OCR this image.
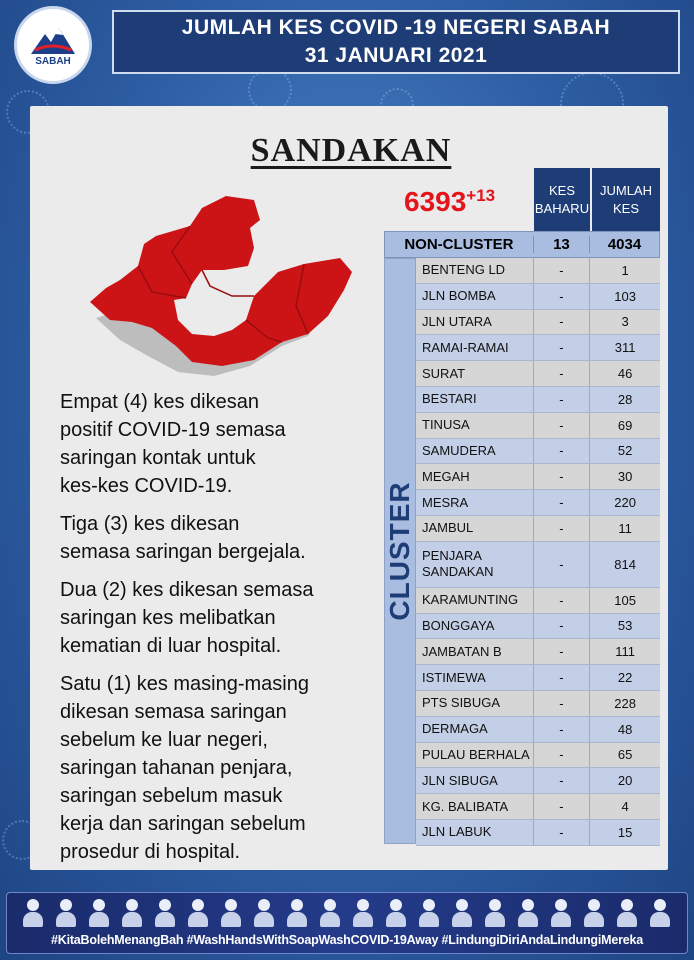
SABAH
JUMLAH KES COVID -19 NEGERI SABAH
31 JANUARI 2021
SANDAKAN
Empat (4) kes dikesan
positif COVID-19 semasa
saringan kontak untuk
kes-kes COVID-19.
Tiga (3) kes dikesan
semasa saringan bergejala.
Dua (2) kes dikesan semasa
saringan kes melibatkan
kematian di luar hospital.
Satu (1) kes masing-masing
dikesan semasa saringan
sebelum ke luar negeri,
saringan tahanan penjara,
saringan sebelum masuk
kerja dan saringan sebelum
prosedur di hospital.
6393+13	KES
BAHARU
JUMLAH
KES
NON-CLUSTER	13	4034
CLUSTER
BENTENG LD	-	1
JLN BOMBA	-	103
JLN UTARA	-	3
RAMAI-RAMAI	-	311
SURAT	-	46
BESTARI	-	28
TINUSA	-	69
SAMUDERA	-	52
MEGAH	-	30
MESRA	-	220
JAMBUL	-	11
PENJARA SANDAKAN	-	814
KARAMUNTING	-	105
BONGGAYA	-	53
JAMBATAN B	-	111
ISTIMEWA	-	22
PTS SIBUGA	-	228
DERMAGA	-	48
PULAU BERHALA	-	65
JLN SIBUGA	-	20
KG. BALIBATA	-	4
JLN LABUK	-	15
#KitaBolehMenangBah #WashHandsWithSoapWashCOVID-19Away #LindungiDiriAndaLindungiMereka
